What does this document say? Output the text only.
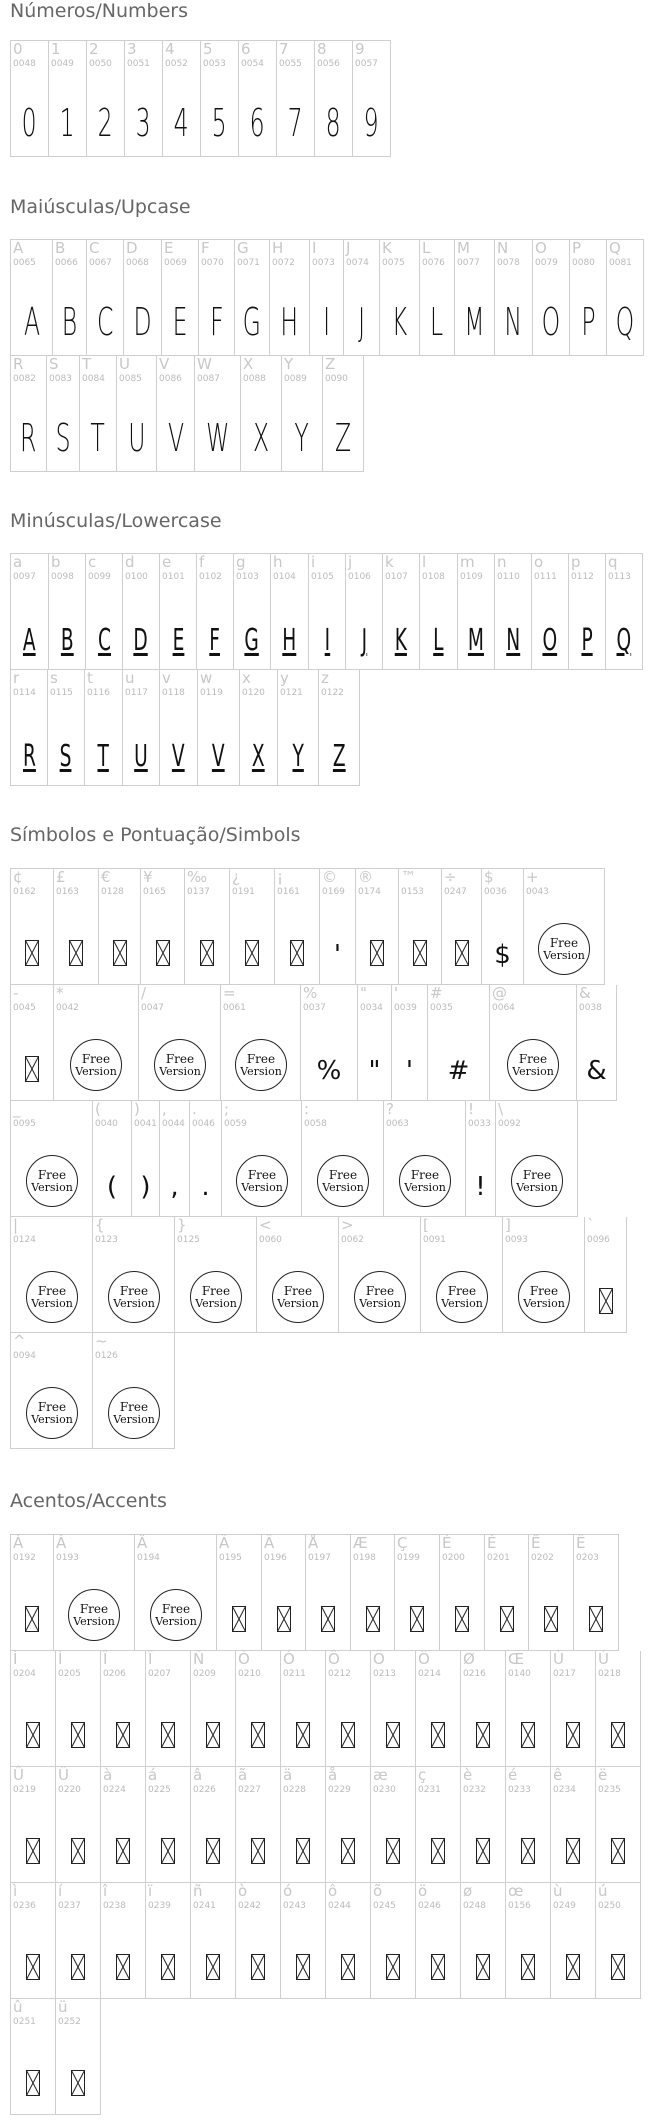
Números/Numbers
0
0048
0
1
0049
1
2
0050
2
3
0051
3
4
0052
4
5
0053
5
6
0054
6
7
0055
7
8
0056
8
9
0057
9
Maiúsculas/Upcase
A
0065
A
B
0066
B
C
0067
C
D
0068
D
E
0069
E
F
0070
F
G
0071
G
H
0072
H
I
0073
I
J
0074
J
K
0075
K
L
0076
L
M
0077
M
N
0078
N
O
0079
O
P
0080
P
Q
0081
Q
R
0082
R
S
0083
S
T
0084
T
U
0085
U
V
0086
V
W
0087
W
X
0088
X
Y
0089
Y
Z
0090
Z
Minúsculas/Lowercase
a
0097
A
b
0098
B
c
0099
C
d
0100
D
e
0101
E
f
0102
F
g
0103
G
h
0104
H
i
0105
I
j
0106
J
k
0107
K
l
0108
L
m
0109
M
n
0110
N
o
0111
O
p
0112
P
q
0113
Q
r
0114
R
s
0115
S
t
0116
T
u
0117
U
v
0118
V
w
0119
V
x
0120
X
y
0121
Y
z
0122
Z
Símbolos e Pontuação/Simbols
¢
0162
£
0163
€
0128
¥
0165
‰
0137
¿
0191
¡
0161
©
0169
'
®
0174
™
0153
÷
0247
$
0036
$
+
0043
Free
Version
-
0045
*
0042
Free
Version
/
0047
Free
Version
=
0061
Free
Version
%
0037
%
"
0034
"
'
0039
'
#
0035
#
@
0064
Free
Version
&
0038
&
_
0095
Free
Version
(
0040
(
)
0041
)
,
0044
,
.
0046
.
;
0059
Free
Version
:
0058
Free
Version
?
0063
Free
Version
!
0033
!
\
0092
Free
Version
|
0124
Free
Version
{
0123
Free
Version
}
0125
Free
Version
<
0060
Free
Version
>
0062
Free
Version
[
0091
Free
Version
]
0093
Free
Version
`
0096
^
0094
Free
Version
~
0126
Free
Version
Acentos/Accents
À
0192
Á
0193
Free
Version
Â
0194
Free
Version
Ã
0195
Ä
0196
Å
0197
Æ
0198
Ç
0199
È
0200
É
0201
Ê
0202
Ë
0203
Ì
0204
Í
0205
Î
0206
Ï
0207
Ñ
0209
Ò
0210
Ó
0211
Ô
0212
Õ
0213
Ö
0214
Ø
0216
Œ
0140
Ù
0217
Ú
0218
Û
0219
Ü
0220
à
0224
á
0225
â
0226
ã
0227
ä
0228
å
0229
æ
0230
ç
0231
è
0232
é
0233
ê
0234
ë
0235
ì
0236
í
0237
î
0238
ï
0239
ñ
0241
ò
0242
ó
0243
ô
0244
õ
0245
ö
0246
ø
0248
œ
0156
ù
0249
ú
0250
û
0251
ü
0252
